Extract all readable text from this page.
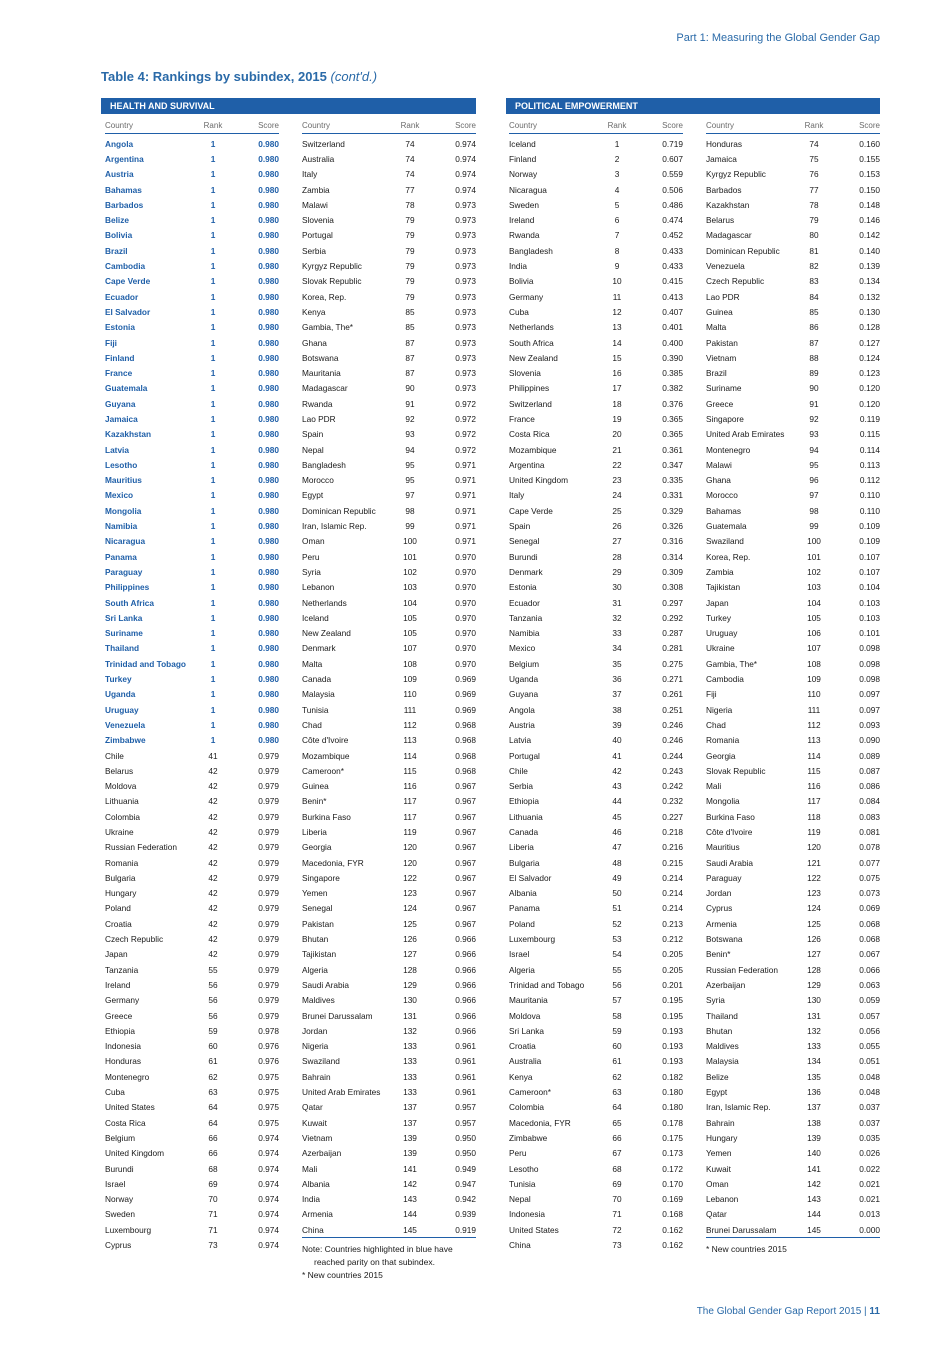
Part 1: Measuring the Global Gender Gap
Table 4: Rankings by subindex, 2015 (cont'd.)
HEALTH AND SURVIVAL	POLITICAL EMPOWERMENT
Country	Rank	Score
Angola	1	0.980
Argentina	1	0.980
Austria	1	0.980
Bahamas	1	0.980
Barbados	1	0.980
Belize	1	0.980
Bolivia	1	0.980
Brazil	1	0.980
Cambodia	1	0.980
Cape Verde	1	0.980
Ecuador	1	0.980
El Salvador	1	0.980
Estonia	1	0.980
Fiji	1	0.980
Finland	1	0.980
France	1	0.980
Guatemala	1	0.980
Guyana	1	0.980
Jamaica	1	0.980
Kazakhstan	1	0.980
Latvia	1	0.980
Lesotho	1	0.980
Mauritius	1	0.980
Mexico	1	0.980
Mongolia	1	0.980
Namibia	1	0.980
Nicaragua	1	0.980
Panama	1	0.980
Paraguay	1	0.980
Philippines	1	0.980
South Africa	1	0.980
Sri Lanka	1	0.980
Suriname	1	0.980
Thailand	1	0.980
Trinidad and Tobago	1	0.980
Turkey	1	0.980
Uganda	1	0.980
Uruguay	1	0.980
Venezuela	1	0.980
Zimbabwe	1	0.980
Chile	41	0.979
Belarus	42	0.979
Moldova	42	0.979
Lithuania	42	0.979
Colombia	42	0.979
Ukraine	42	0.979
Russian Federation	42	0.979
Romania	42	0.979
Bulgaria	42	0.979
Hungary	42	0.979
Poland	42	0.979
Croatia	42	0.979
Czech Republic	42	0.979
Japan	42	0.979
Tanzania	55	0.979
Ireland	56	0.979
Germany	56	0.979
Greece	56	0.979
Ethiopia	59	0.978
Indonesia	60	0.976
Honduras	61	0.976
Montenegro	62	0.975
Cuba	63	0.975
United States	64	0.975
Costa Rica	64	0.975
Belgium	66	0.974
United Kingdom	66	0.974
Burundi	68	0.974
Israel	69	0.974
Norway	70	0.974
Sweden	71	0.974
Luxembourg	71	0.974
Cyprus	73	0.974
Country	Rank	Score
Switzerland	74	0.974
Australia	74	0.974
Italy	74	0.974
Zambia	77	0.974
Malawi	78	0.973
Slovenia	79	0.973
Portugal	79	0.973
Serbia	79	0.973
Kyrgyz Republic	79	0.973
Slovak Republic	79	0.973
Korea, Rep.	79	0.973
Kenya	85	0.973
Gambia, The*	85	0.973
Ghana	87	0.973
Botswana	87	0.973
Mauritania	87	0.973
Madagascar	90	0.973
Rwanda	91	0.972
Lao PDR	92	0.972
Spain	93	0.972
Nepal	94	0.972
Bangladesh	95	0.971
Morocco	95	0.971
Egypt	97	0.971
Dominican Republic	98	0.971
Iran, Islamic Rep.	99	0.971
Oman	100	0.971
Peru	101	0.970
Syria	102	0.970
Lebanon	103	0.970
Netherlands	104	0.970
Iceland	105	0.970
New Zealand	105	0.970
Denmark	107	0.970
Malta	108	0.970
Canada	109	0.969
Malaysia	110	0.969
Tunisia	111	0.969
Chad	112	0.968
Côte d'Ivoire	113	0.968
Mozambique	114	0.968
Cameroon*	115	0.968
Guinea	116	0.967
Benin*	117	0.967
Burkina Faso	117	0.967
Liberia	119	0.967
Georgia	120	0.967
Macedonia, FYR	120	0.967
Singapore	122	0.967
Yemen	123	0.967
Senegal	124	0.967
Pakistan	125	0.967
Bhutan	126	0.966
Tajikistan	127	0.966
Algeria	128	0.966
Saudi Arabia	129	0.966
Maldives	130	0.966
Brunei Darussalam	131	0.966
Jordan	132	0.966
Nigeria	133	0.961
Swaziland	133	0.961
Bahrain	133	0.961
United Arab Emirates	133	0.961
Qatar	137	0.957
Kuwait	137	0.957
Vietnam	139	0.950
Azerbaijan	139	0.950
Mali	141	0.949
Albania	142	0.947
India	143	0.942
Armenia	144	0.939
China	145	0.919
Country	Rank	Score
Iceland	1	0.719
Finland	2	0.607
Norway	3	0.559
Nicaragua	4	0.506
Sweden	5	0.486
Ireland	6	0.474
Rwanda	7	0.452
Bangladesh	8	0.433
India	9	0.433
Bolivia	10	0.415
Germany	11	0.413
Cuba	12	0.407
Netherlands	13	0.401
South Africa	14	0.400
New Zealand	15	0.390
Slovenia	16	0.385
Philippines	17	0.382
Switzerland	18	0.376
France	19	0.365
Costa Rica	20	0.365
Mozambique	21	0.361
Argentina	22	0.347
United Kingdom	23	0.335
Italy	24	0.331
Cape Verde	25	0.329
Spain	26	0.326
Senegal	27	0.316
Burundi	28	0.314
Denmark	29	0.309
Estonia	30	0.308
Ecuador	31	0.297
Tanzania	32	0.292
Namibia	33	0.287
Mexico	34	0.281
Belgium	35	0.275
Uganda	36	0.271
Guyana	37	0.261
Angola	38	0.251
Austria	39	0.246
Latvia	40	0.246
Portugal	41	0.244
Chile	42	0.243
Serbia	43	0.242
Ethiopia	44	0.232
Lithuania	45	0.227
Canada	46	0.218
Liberia	47	0.216
Bulgaria	48	0.215
El Salvador	49	0.214
Albania	50	0.214
Panama	51	0.214
Poland	52	0.213
Luxembourg	53	0.212
Israel	54	0.205
Algeria	55	0.205
Trinidad and Tobago	56	0.201
Mauritania	57	0.195
Moldova	58	0.195
Sri Lanka	59	0.193
Croatia	60	0.193
Australia	61	0.193
Kenya	62	0.182
Cameroon*	63	0.180
Colombia	64	0.180
Macedonia, FYR	65	0.178
Zimbabwe	66	0.175
Peru	67	0.173
Lesotho	68	0.172
Tunisia	69	0.170
Nepal	70	0.169
Indonesia	71	0.168
United States	72	0.162
China	73	0.162
Country	Rank	Score
Honduras	74	0.160
Jamaica	75	0.155
Kyrgyz Republic	76	0.153
Barbados	77	0.150
Kazakhstan	78	0.148
Belarus	79	0.146
Madagascar	80	0.142
Dominican Republic	81	0.140
Venezuela	82	0.139
Czech Republic	83	0.134
Lao PDR	84	0.132
Guinea	85	0.130
Malta	86	0.128
Pakistan	87	0.127
Vietnam	88	0.124
Brazil	89	0.123
Suriname	90	0.120
Greece	91	0.120
Singapore	92	0.119
United Arab Emirates	93	0.115
Montenegro	94	0.114
Malawi	95	0.113
Ghana	96	0.112
Morocco	97	0.110
Bahamas	98	0.110
Guatemala	99	0.109
Swaziland	100	0.109
Korea, Rep.	101	0.107
Zambia	102	0.107
Tajikistan	103	0.104
Japan	104	0.103
Turkey	105	0.103
Uruguay	106	0.101
Ukraine	107	0.098
Gambia, The*	108	0.098
Cambodia	109	0.098
Fiji	110	0.097
Nigeria	111	0.097
Chad	112	0.093
Romania	113	0.090
Georgia	114	0.089
Slovak Republic	115	0.087
Mali	116	0.086
Mongolia	117	0.084
Burkina Faso	118	0.083
Côte d'Ivoire	119	0.081
Mauritius	120	0.078
Saudi Arabia	121	0.077
Paraguay	122	0.075
Jordan	123	0.073
Cyprus	124	0.069
Armenia	125	0.068
Botswana	126	0.068
Benin*	127	0.067
Russian Federation	128	0.066
Azerbaijan	129	0.063
Syria	130	0.059
Thailand	131	0.057
Bhutan	132	0.056
Maldives	133	0.055
Malaysia	134	0.051
Belize	135	0.048
Egypt	136	0.048
Iran, Islamic Rep.	137	0.037
Bahrain	138	0.037
Hungary	139	0.035
Yemen	140	0.026
Kuwait	141	0.022
Oman	142	0.021
Lebanon	143	0.021
Qatar	144	0.013
Brunei Darussalam	145	0.000
Note: Countries highlighted in blue have
reached parity on that subindex.
* New countries 2015
* New countries 2015
The Global Gender Gap Report 2015 | 11
